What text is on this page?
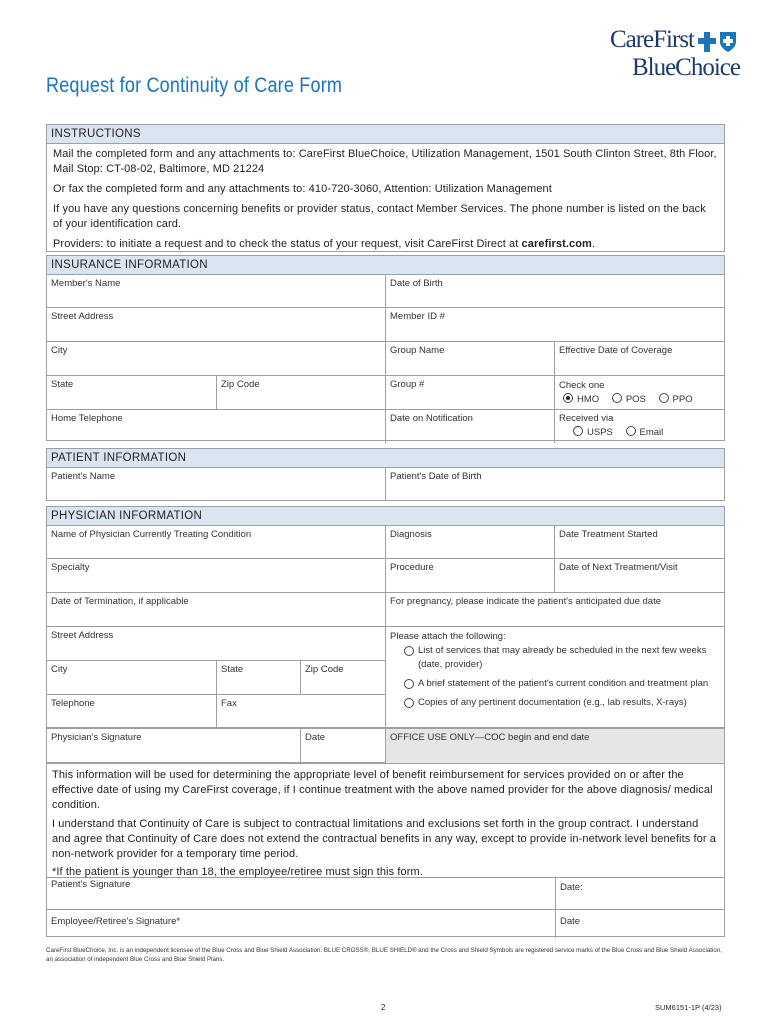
Request for Continuity of Care Form
CareFirst
BlueChoice
INSTRUCTIONS

Mail the completed form and any attachments to: CareFirst BlueChoice, Utilization Management, 1501 South Clinton Street, 8th Floor, Mail Stop: CT-08-02, Baltimore, MD 21224

Or fax the completed form and any attachments to: 410-720-3060, Attention: Utilization Management

If you have any questions concerning benefits or provider status, contact Member Services. The phone number is listed on the back of your identification card.

Providers: to initiate a request and to check the status of your request, visit CareFirst Direct at carefirst.com.

INSURANCE INFORMATION
Member's Name	Date of Birth
Street Address	Member ID #
City	Group Name	Effective Date of Coverage
State	Zip Code	Group #	Check one
HMO	POS	PPO
Home Telephone	Date on Notification	Received via
USPS	Email
PATIENT INFORMATION
Patient's Name	Patient's Date of Birth
PHYSICIAN INFORMATION
Name of Physician Currently Treating Condition	Diagnosis	Date Treatment Started
Specialty	Procedure	Date of Next Treatment/Visit
Date of Termination, if applicable	For pregnancy, please indicate the patient's anticipated due date
Street Address
City	State	Zip Code
Telephone	Fax
Please attach the following:
List of services that may already be scheduled in the next few weeks (date, provider)
A brief statement of the patient's current condition and treatment plan
Copies of any pertinent documentation (e.g., lab results, X-rays)
Physician's Signature	Date	OFFICE USE ONLY—COC begin and end date

This information will be used for determining the appropriate level of benefit reimbursement for services provided on or after the effective date of using my CareFirst coverage, if I continue treatment with the above named provider for the above diagnosis/ medical condition.

I understand that Continuity of Care is subject to contractual limitations and exclusions set forth in the group contract. I understand and agree that Continuity of Care does not extend the contractual benefits in any way, except to provide in-network level benefits for a non-network provider for a temporary time period.

*If the patient is younger than 18, the employee/retiree must sign this form.

Patient's Signature	Date:
Employee/Retiree's Signature*	Date
CareFirst BlueChoice, Inc. is an independent licensee of the Blue Cross and Blue Shield Association. BLUE CROSS®, BLUE SHIELD® and the Cross and Shield Symbols are registered service marks of the Blue Cross and Blue Shield Association, an association of independent Blue Cross and Blue Shield Plans.
2	SUM6151-1P (4/23)
